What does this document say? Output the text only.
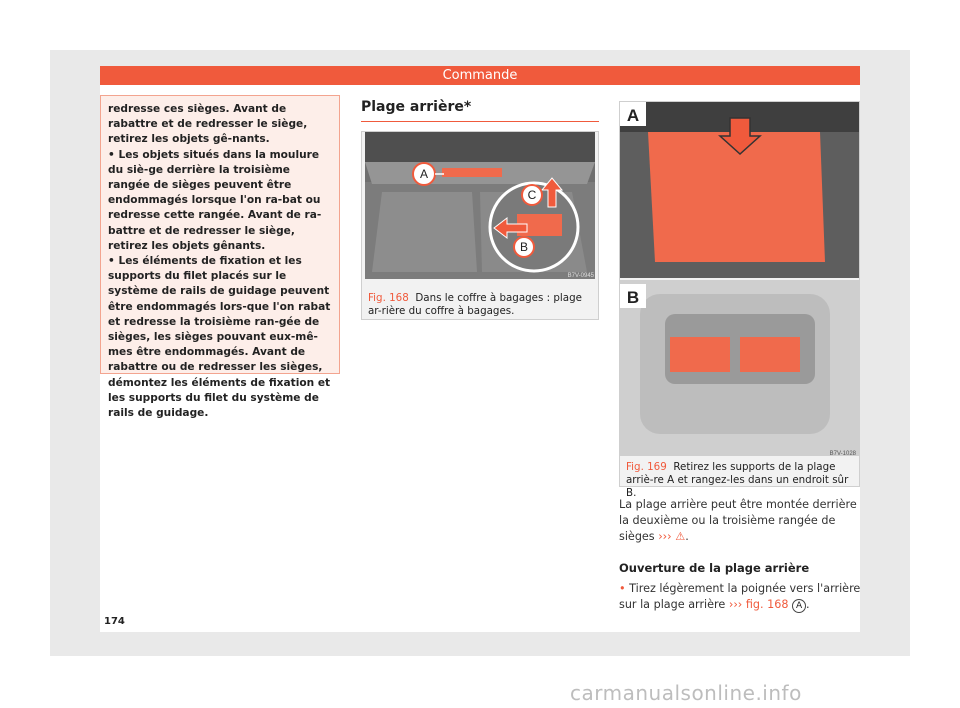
Commande

redresse ces sièges. Avant de rabattre et de redresser le siège, retirez les objets gê-nants.

• Les objets situés dans la moulure du siè-ge derrière la troisième rangée de sièges peuvent être endommagés lorsque l'on ra-bat ou redresse cette rangée. Avant de ra-battre et de redresser le siège, retirez les objets gênants.

• Les éléments de fixation et les supports du filet placés sur le système de rails de guidage peuvent être endommagés lors-que l'on rabat et redresse la troisième ran-gée de sièges, les sièges pouvant eux-mê-mes être endommagés. Avant de rabattre ou de redresser les sièges, démontez les éléments de fixation et les supports du filet du système de rails de guidage.

Plage arrière*
A
C
B
B7V-0945
Fig. 168 Dans le coffre à bagages : plage ar-rière du coffre à bagages.
A
B
B7V-1028
Fig. 169 Retirez les supports de la plage arriè-re A et rangez-les dans un endroit sûr B.
La plage arrière peut être montée derrière la deuxième ou la troisième rangée de sièges ››› ⚠.
Ouverture de la plage arrière
• Tirez légèrement la poignée vers l'arrière sur la plage arrière ››› fig. 168 A .
174
carmanualsonline.info
